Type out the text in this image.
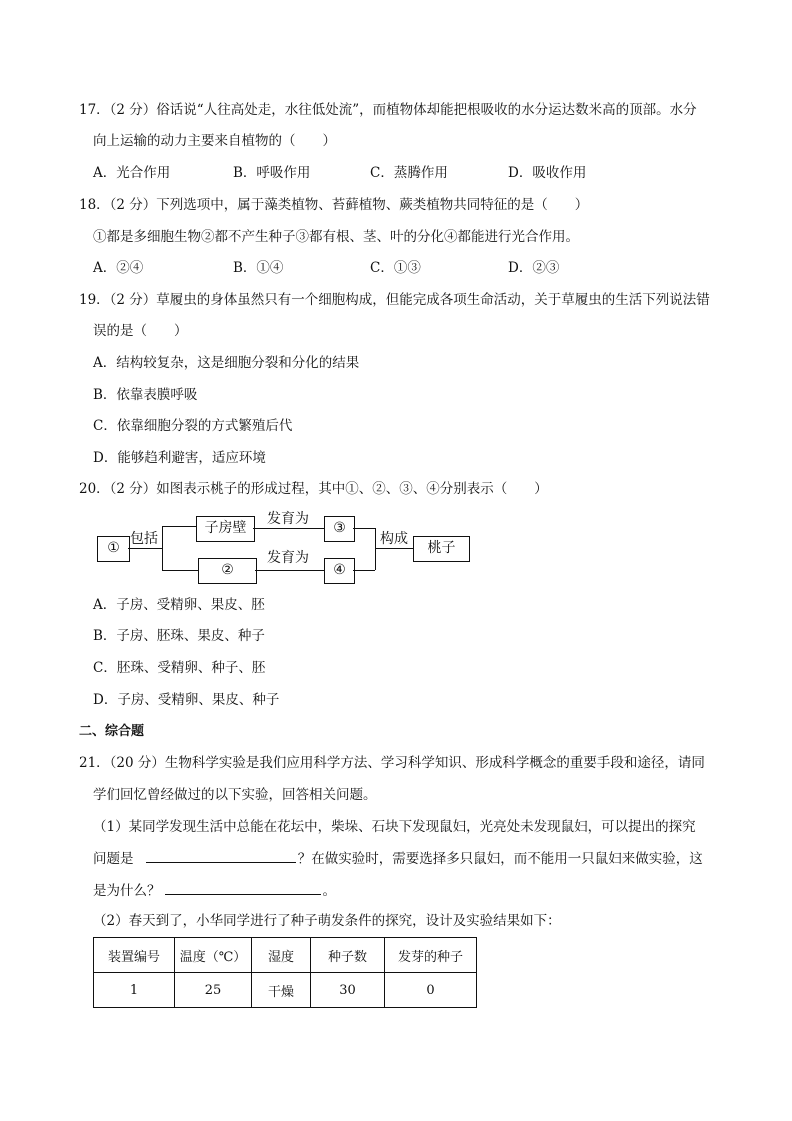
17．（2 分）俗话说“人往高处走，水往低处流”，而植物体却能把根吸收的水分运达数米高的顶部。水分
向上运输的动力主要来自植物的（　　）
A．光合作用	B．呼吸作用	C．蒸腾作用	D．吸收作用
18．（2 分）下列选项中，属于藻类植物、苔藓植物、蕨类植物共同特征的是（　　）
①都是多细胞生物②都不产生种子③都有根、茎、叶的分化④都能进行光合作用。
A．②④	B．①④	C．①③	D．②③
19．（2 分）草履虫的身体虽然只有一个细胞构成，但能完成各项生命活动，关于草履虫的生活下列说法错
误的是（　　）
A．结构较复杂，这是细胞分裂和分化的结果
B．依靠表膜呼吸
C．依靠细胞分裂的方式繁殖后代
D．能够趋利避害，适应环境
20．（2 分）如图表示桃子的形成过程，其中①、②、③、④分别表示（　　）
①
包括
子房壁
发育为
③
②
发育为
④
构成
桃子
A．子房、受精卵、果皮、胚
B．子房、胚珠、果皮、种子
C．胚珠、受精卵、种子、胚
D．子房、受精卵、果皮、种子
二、综合题
21．（20 分）生物科学实验是我们应用科学方法、学习科学知识、形成科学概念的重要手段和途径，请同
学们回忆曾经做过的以下实验，回答相关问题。
（1）某同学发现生活中总能在花坛中，柴垛、石块下发现鼠妇，光亮处未发现鼠妇，可以提出的探究
问题是	？在做实验时，需要选择多只鼠妇，而不能用一只鼠妇来做实验，这
是为什么？	。
（2）春天到了，小华同学进行了种子萌发条件的探究，设计及实验结果如下：
装置编号	温度（℃）	湿度	种子数	发芽的种子
1	25	干燥	30	0
